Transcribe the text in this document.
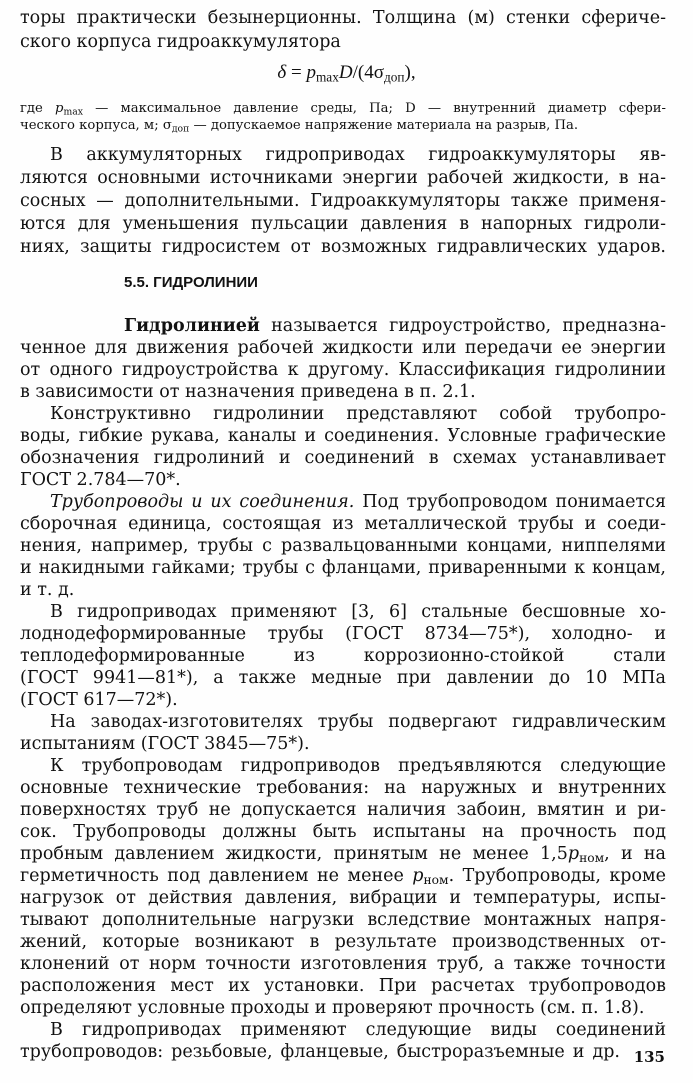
торы практически безынерционны. Толщина (м) стенки сфериче-
ского корпуса гидроаккумулятора
$\delta = p_{max}D/(4\sigma_{доп})$,
где $p_{max}$ — максимальное давление среды, Па; D — внутренний диаметр сфери-
ческого корпуса, м; $\sigma_{доп}$ — допускаемое напряжение материала на разрыв, Па.
В аккумуляторных гидроприводах гидроаккумуляторы яв-
ляются основными источниками энергии рабочей жидкости, в на-
сосных — дополнительными. Гидроаккумуляторы также применя-
ются для уменьшения пульсации давления в напорных гидроли-
ниях, защиты гидросистем от возможных гидравлических ударов.
5.5. ГИДРОЛИНИИ
Гидролинией называется гидроустройство, предназна-
ченное для движения рабочей жидкости или передачи ее энергии
от одного гидроустройства к другому. Классификация гидролинии
в зависимости от назначения приведена в п. 2.1.
Конструктивно гидролинии представляют собой трубопро-
воды, гибкие рукава, каналы и соединения. Условные графические
обозначения гидролиний и соединений в схемах устанавливает
ГОСТ 2.784—70*.
Трубопроводы и их соединения. Под трубопроводом понимается
сборочная единица, состоящая из металлической трубы и соеди-
нения, например, трубы с развальцованными концами, ниппелями
и накидными гайками; трубы с фланцами, приваренными к концам,
и т. д.
В гидроприводах применяют [3, 6] стальные бесшовные хо-
лоднодеформированные трубы (ГОСТ 8734—75*), холодно- и
теплодеформированные из коррозионно-стойкой стали
(ГОСТ 9941—81*), а также медные при давлении до 10 МПа
(ГОСТ 617—72*).
На заводах-изготовителях трубы подвергают гидравлическим
испытаниям (ГОСТ 3845—75*).
К трубопроводам гидроприводов предъявляются следующие
основные технические требования: на наружных и внутренних
поверхностях труб не допускается наличия забоин, вмятин и ри-
сок. Трубопроводы должны быть испытаны на прочность под
пробным давлением жидкости, принятым не менее $1,5p_{ном}$, и на
герметичность под давлением не менее $p_{ном}$. Трубопроводы, кроме
нагрузок от действия давления, вибрации и температуры, испы-
тывают дополнительные нагрузки вследствие монтажных напря-
жений, которые возникают в результате производственных от-
клонений от норм точности изготовления труб, а также точности
расположения мест их установки. При расчетах трубопроводов
определяют условные проходы и проверяют прочность (см. п. 1.8).
В гидроприводах применяют следующие виды соединений
трубопроводов: резьбовые, фланцевые, быстроразъемные и др. 135
